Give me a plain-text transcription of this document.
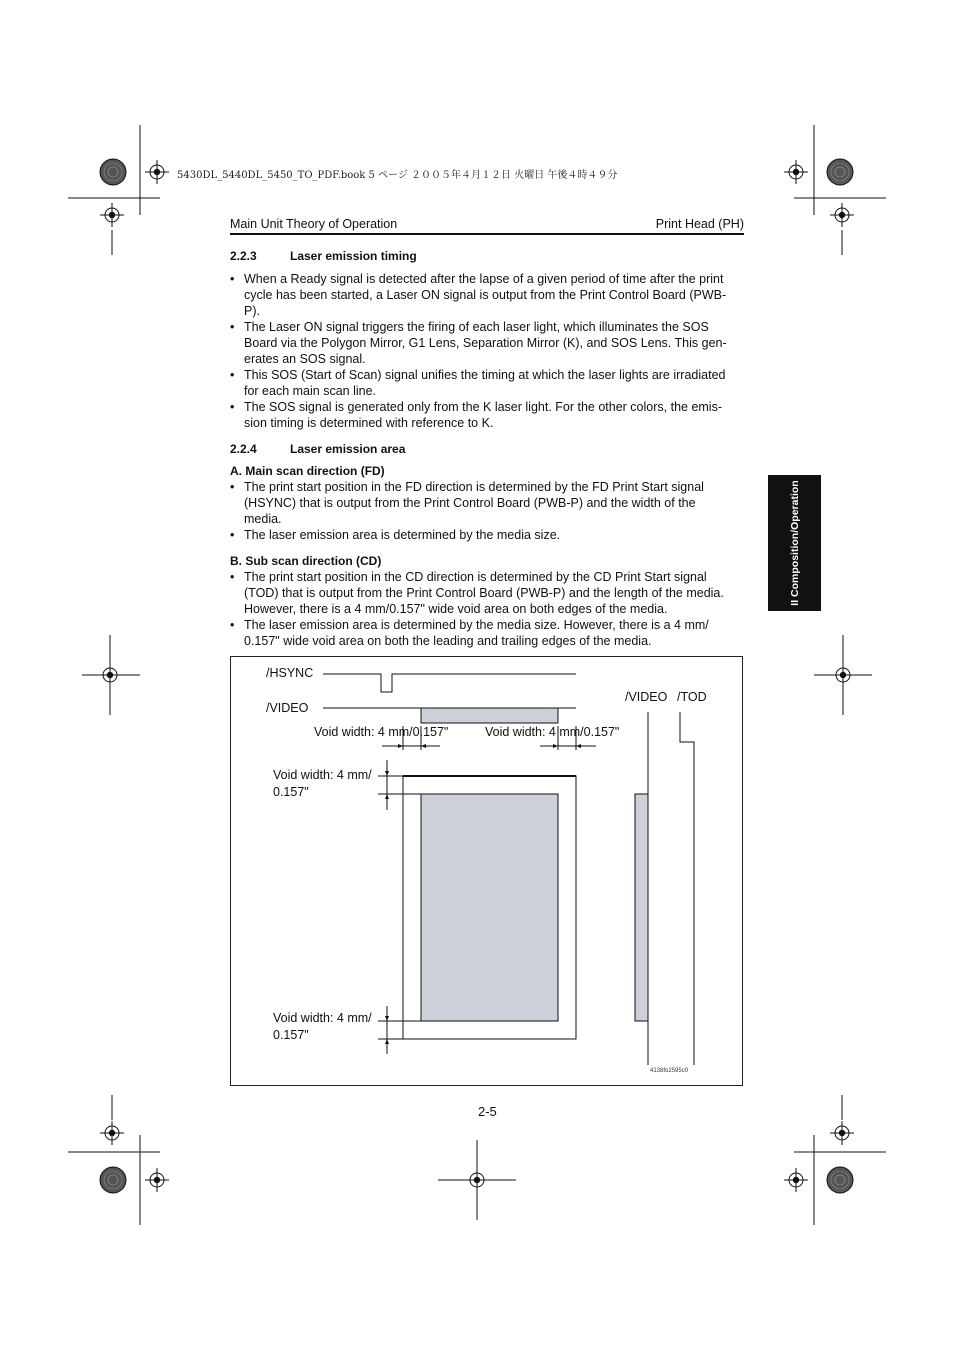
5430DL_5440DL_5450_TO_PDF.book 5 ページ ２００５年４月１２日 火曜日 午後４時４９分
Main Unit Theory of Operation	Print Head (PH)
II Composition/Operation
2.2.3	Laser emission timing
• When a Ready signal is detected after the lapse of a given period of time after the print
cycle has been started, a Laser ON signal is output from the Print Control Board (PWB-
P).
• The Laser ON signal triggers the firing of each laser light, which illuminates the SOS
Board via the Polygon Mirror, G1 Lens, Separation Mirror (K), and SOS Lens. This gen-
erates an SOS signal.
• This SOS (Start of Scan) signal unifies the timing at which the laser lights are irradiated
for each main scan line.
• The SOS signal is generated only from the K laser light. For the other colors, the emis-
sion timing is determined with reference to K.
2.2.4	Laser emission area
A. Main scan direction (FD)
• The print start position in the FD direction is determined by the FD Print Start signal
(HSYNC) that is output from the Print Control Board (PWB-P) and the width of the
media.
• The laser emission area is determined by the media size.
B. Sub scan direction (CD)
• The print start position in the CD direction is determined by the CD Print Start signal
(TOD) that is output from the Print Control Board (PWB-P) and the length of the media.
However, there is a 4 mm/0.157" wide void area on both edges of the media.
• The laser emission area is determined by the media size. However, there is a 4 mm/
0.157" wide void area on both the leading and trailing edges of the media.
/HSYNC
/VIDEO
Void width: 4 mm/0.157"	Void width: 4 mm/0.157"
Void width: 4 mm/
0.157"
Void width: 4 mm/
0.157"
/VIDEO /TOD
4138fo2595c0
2-5
